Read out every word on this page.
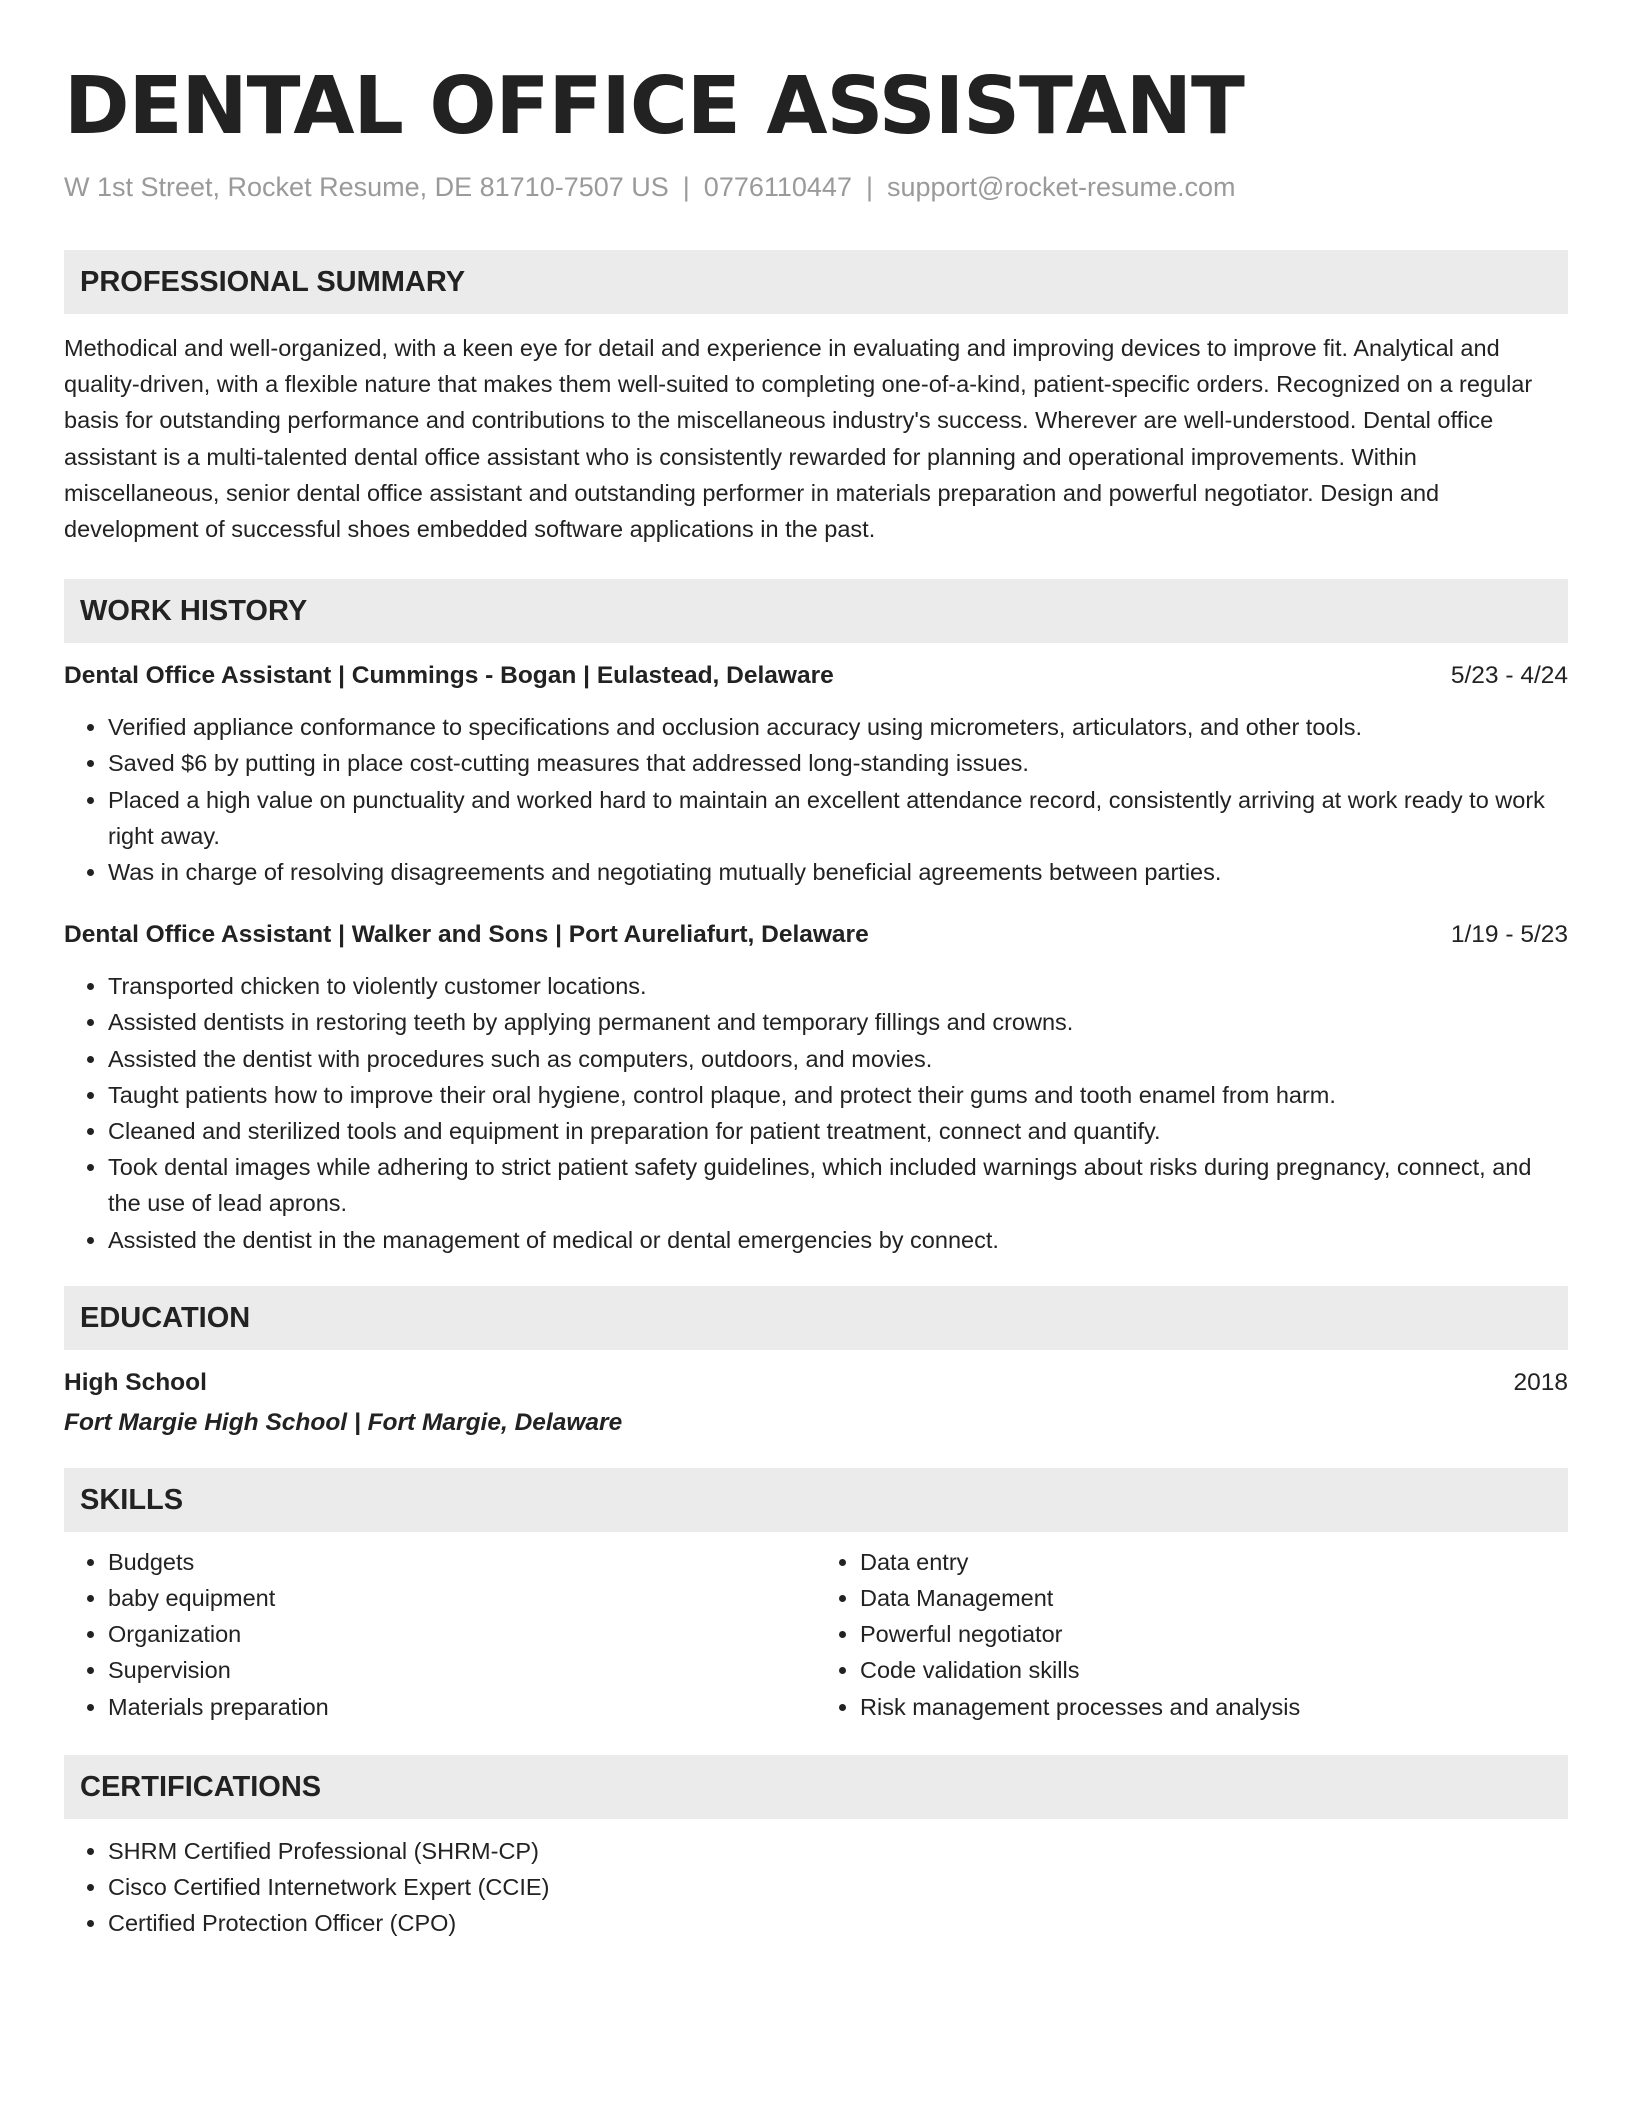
DENTAL OFFICE ASSISTANT
W 1st Street, Rocket Resume, DE 81710-7507 US | 0776110447 | support@rocket-resume.com
PROFESSIONAL SUMMARY
Methodical and well-organized, with a keen eye for detail and experience in evaluating and improving devices to improve fit. Analytical and quality-driven, with a flexible nature that makes them well-suited to completing one-of-a-kind, patient-specific orders. Recognized on a regular basis for outstanding performance and contributions to the miscellaneous industry's success. Wherever are well-understood. Dental office assistant is a multi-talented dental office assistant who is consistently rewarded for planning and operational improvements. Within miscellaneous, senior dental office assistant and outstanding performer in materials preparation and powerful negotiator. Design and development of successful shoes embedded software applications in the past.
WORK HISTORY
Dental Office Assistant | Cummings - Bogan | Eulastead, Delaware	5/23 - 4/24
• Verified appliance conformance to specifications and occlusion accuracy using micrometers, articulators, and other tools.
• Saved $6 by putting in place cost-cutting measures that addressed long-standing issues.
• Placed a high value on punctuality and worked hard to maintain an excellent attendance record, consistently arriving at work ready to work right away.
• Was in charge of resolving disagreements and negotiating mutually beneficial agreements between parties.
Dental Office Assistant | Walker and Sons | Port Aureliafurt, Delaware	1/19 - 5/23
• Transported chicken to violently customer locations.
• Assisted dentists in restoring teeth by applying permanent and temporary fillings and crowns.
• Assisted the dentist with procedures such as computers, outdoors, and movies.
• Taught patients how to improve their oral hygiene, control plaque, and protect their gums and tooth enamel from harm.
• Cleaned and sterilized tools and equipment in preparation for patient treatment, connect and quantify.
• Took dental images while adhering to strict patient safety guidelines, which included warnings about risks during pregnancy, connect, and the use of lead aprons.
• Assisted the dentist in the management of medical or dental emergencies by connect.
EDUCATION
High School	2018
Fort Margie High School | Fort Margie, Delaware
SKILLS
• Budgets
• baby equipment
• Organization
• Supervision
• Materials preparation
• Data entry
• Data Management
• Powerful negotiator
• Code validation skills
• Risk management processes and analysis
CERTIFICATIONS
• SHRM Certified Professional (SHRM-CP)
• Cisco Certified Internetwork Expert (CCIE)
• Certified Protection Officer (CPO)
